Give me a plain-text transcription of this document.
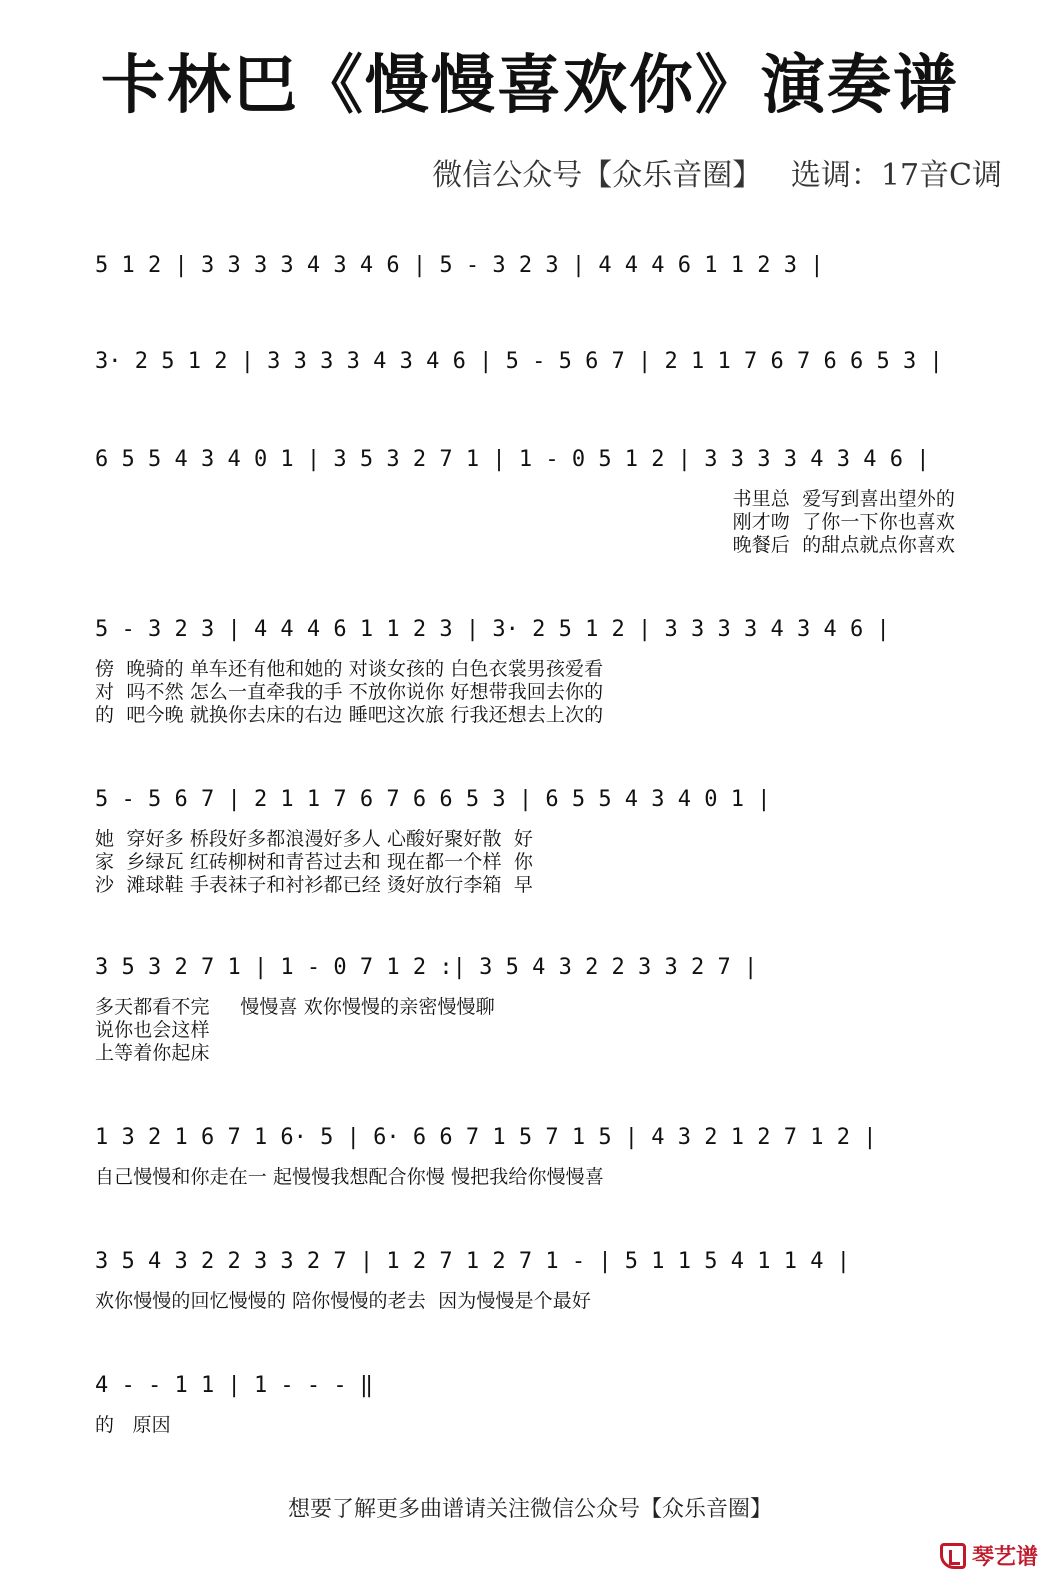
卡林巴《慢慢喜欢你》演奏谱
微信公众号【众乐音圈】   选调：17音C调
5 1 2 | 3 3 3 3 4 3 4 6 | 5 - 3 2 3 | 4 4 4 6 1 1 2 3 |
3· 2 5 1 2 | 3 3 3 3 4 3 4 6 | 5 - 5 6 7 | 2 1 1 7 6 7 6 6 5 3 |
6 5 5 4 3 4 0 1 | 3 5 3 2 7 1 | 1 - 0 5 1 2 | 3 3 3 3 4 3 4 6 |
书里总  爱写到喜出望外的
刚才吻  了你一下你也喜欢
晚餐后  的甜点就点你喜欢
5 - 3 2 3 | 4 4 4 6 1 1 2 3 | 3· 2 5 1 2 | 3 3 3 3 4 3 4 6 |
傍  晚骑的 单车还有他和她的 对谈女孩的 白色衣裳男孩爱看
对  吗不然 怎么一直牵我的手 不放你说你 好想带我回去你的
的  吧今晚 就换你去床的右边 睡吧这次旅 行我还想去上次的
5 - 5 6 7 | 2 1 1 7 6 7 6 6 5 3 | 6 5 5 4 3 4 0 1 |
她  穿好多 桥段好多都浪漫好多人 心酸好聚好散  好
家  乡绿瓦 红砖柳树和青苔过去和 现在都一个样  你
沙  滩球鞋 手表袜子和衬衫都已经 烫好放行李箱  早
3 5 3 2 7 1 | 1 - 0 7 1 2 :| 3 5 4 3 2 2 3 3 2 7 |
多天都看不完     慢慢喜 欢你慢慢的亲密慢慢聊
说你也会这样
上等着你起床
1 3 2 1 6 7 1 6· 5 | 6· 6 6 7 1 5 7 1 5 | 4 3 2 1 2 7 1 2 |
自己慢慢和你走在一 起慢慢我想配合你慢 慢把我给你慢慢喜
3 5 4 3 2 2 3 3 2 7 | 1 2 7 1 2 7 1 - | 5 1 1 5 4 1 1 4 |
欢你慢慢的回忆慢慢的 陪你慢慢的老去  因为慢慢是个最好
4 - - 1 1 | 1 - - - ‖
的   原因
想要了解更多曲谱请关注微信公众号【众乐音圈】
琴艺谱
